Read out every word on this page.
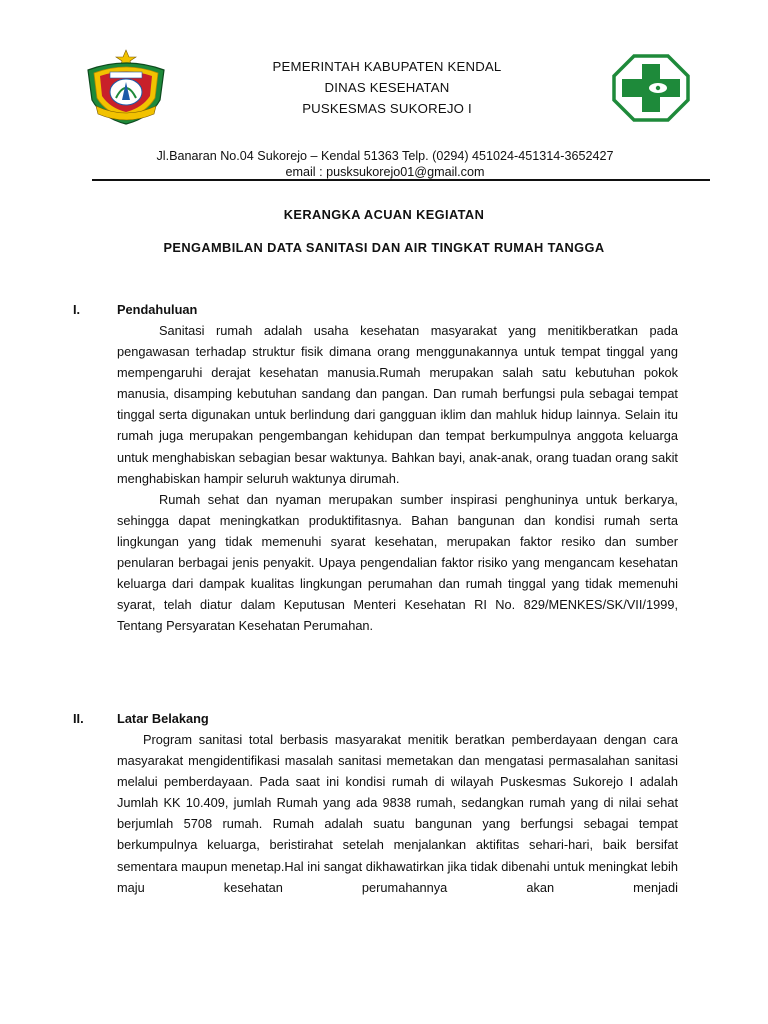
PEMERINTAH KABUPATEN KENDAL
DINAS KESEHATAN
PUSKESMAS SUKOREJO I
Jl.Banaran No.04 Sukorejo – Kendal 51363 Telp. (0294) 451024-451314-3652427
email : pusksukorejo01@gmail.com
KERANGKA ACUAN KEGIATAN
PENGAMBILAN DATA SANITASI DAN AIR TINGKAT RUMAH TANGGA
I.	Pendahuluan

Sanitasi rumah adalah usaha kesehatan masyarakat yang menitikberatkan pada pengawasan terhadap struktur fisik dimana orang menggunakannya untuk tempat tinggal yang mempengaruhi derajat kesehatan manusia.Rumah merupakan salah satu kebutuhan pokok manusia, disamping kebutuhan sandang dan pangan. Dan rumah berfungsi pula sebagai tempat tinggal serta digunakan untuk berlindung dari gangguan iklim dan mahluk hidup lainnya. Selain itu rumah juga merupakan pengembangan kehidupan dan tempat berkumpulnya anggota keluarga untuk menghabiskan sebagian besar waktunya. Bahkan bayi, anak-anak, orang tuadan orang sakit menghabiskan hampir seluruh waktunya dirumah.

Rumah sehat dan nyaman merupakan sumber inspirasi penghuninya untuk berkarya, sehingga dapat meningkatkan produktifitasnya. Bahan bangunan dan kondisi rumah serta lingkungan yang tidak memenuhi syarat kesehatan, merupakan faktor resiko dan sumber penularan berbagai jenis penyakit. Upaya pengendalian faktor risiko yang mengancam kesehatan keluarga dari dampak kualitas lingkungan perumahan dan rumah tinggal yang tidak memenuhi syarat, telah diatur dalam Keputusan Menteri Kesehatan RI No. 829/MENKES/SK/VII/1999, Tentang Persyaratan Kesehatan Perumahan.

II.	Latar Belakang

Program sanitasi total berbasis masyarakat menitik beratkan pemberdayaan dengan cara masyarakat mengidentifikasi masalah sanitasi memetakan dan mengatasi permasalahan sanitasi melalui pemberdayaan. Pada saat ini kondisi rumah di wilayah Puskesmas Sukorejo I adalah Jumlah KK 10.409, jumlah Rumah yang ada 9838 rumah, sedangkan rumah yang di nilai sehat berjumlah 5708 rumah. Rumah adalah suatu bangunan yang berfungsi sebagai tempat berkumpulnya keluarga, beristirahat setelah menjalankan aktifitas sehari-hari, baik bersifat sementara maupun menetap.Hal ini sangat dikhawatirkan jika tidak dibenahi untuk meningkat lebih maju kesehatan perumahannya akan menjadi
